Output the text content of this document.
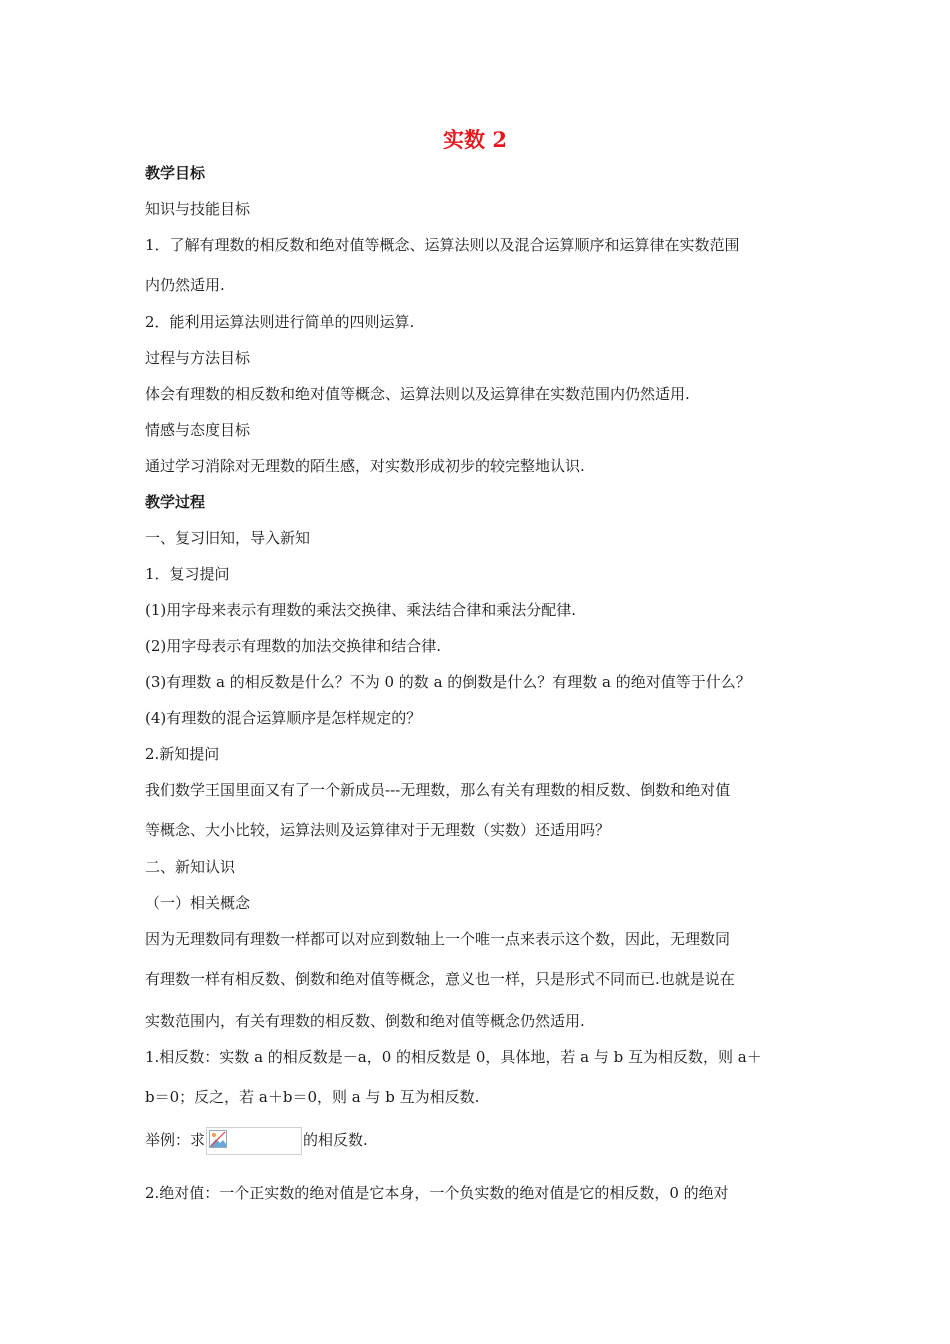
实数 2
教学目标
知识与技能目标
1．了解有理数的相反数和绝对值等概念、运算法则以及混合运算顺序和运算律在实数范围
内仍然适用.
2．能利用运算法则进行简单的四则运算.
过程与方法目标
体会有理数的相反数和绝对值等概念、运算法则以及运算律在实数范围内仍然适用.
情感与态度目标
通过学习消除对无理数的陌生感，对实数形成初步的较完整地认识.
教学过程
一、复习旧知，导入新知
1．复习提问
(1)用字母来表示有理数的乘法交换律、乘法结合律和乘法分配律.
(2)用字母表示有理数的加法交换律和结合律.
(3)有理数 a 的相反数是什么？不为 0 的数 a 的倒数是什么？有理数 a 的绝对值等于什么？
(4)有理数的混合运算顺序是怎样规定的？
2.新知提问
我们数学王国里面又有了一个新成员---无理数，那么有关有理数的相反数、倒数和绝对值
等概念、大小比较，运算法则及运算律对于无理数（实数）还适用吗？
二、新知认识
（一）相关概念
因为无理数同有理数一样都可以对应到数轴上一个唯一点来表示这个数，因此，无理数同
有理数一样有相反数、倒数和绝对值等概念，意义也一样，只是形式不同而已.也就是说在
实数范围内，有关有理数的相反数、倒数和绝对值等概念仍然适用.
1.相反数：实数 a 的相反数是－a，0 的相反数是 0，具体地，若 a 与 b 互为相反数，则 a＋
b＝0；反之，若 a＋b＝0，则 a 与 b 互为相反数.
举例：求	的相反数.
2.绝对值：一个正实数的绝对值是它本身，一个负实数的绝对值是它的相反数，0 的绝对
